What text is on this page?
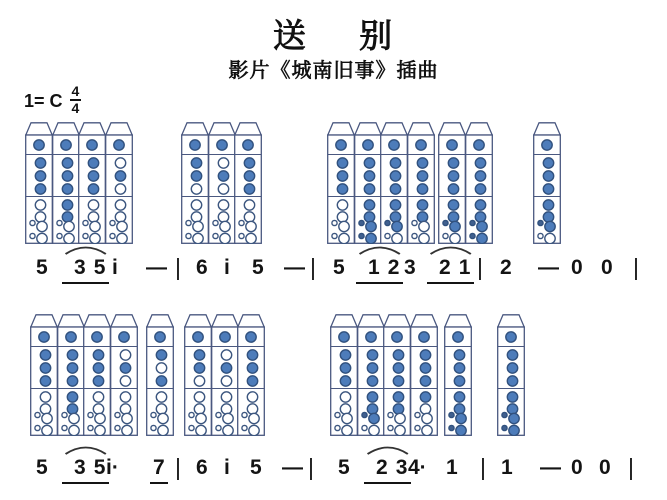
送 别
影片《城南旧事》插曲
1= C $\frac{4}{4}$
5 3 5 i — | 6 i 5 — | 5 1 2 3 2 1 | 2 — 0 0 |
5 3 5 i· 7 | 6 i 5 — | 5 2 3 4· 1 | 1 — 0 0 |
